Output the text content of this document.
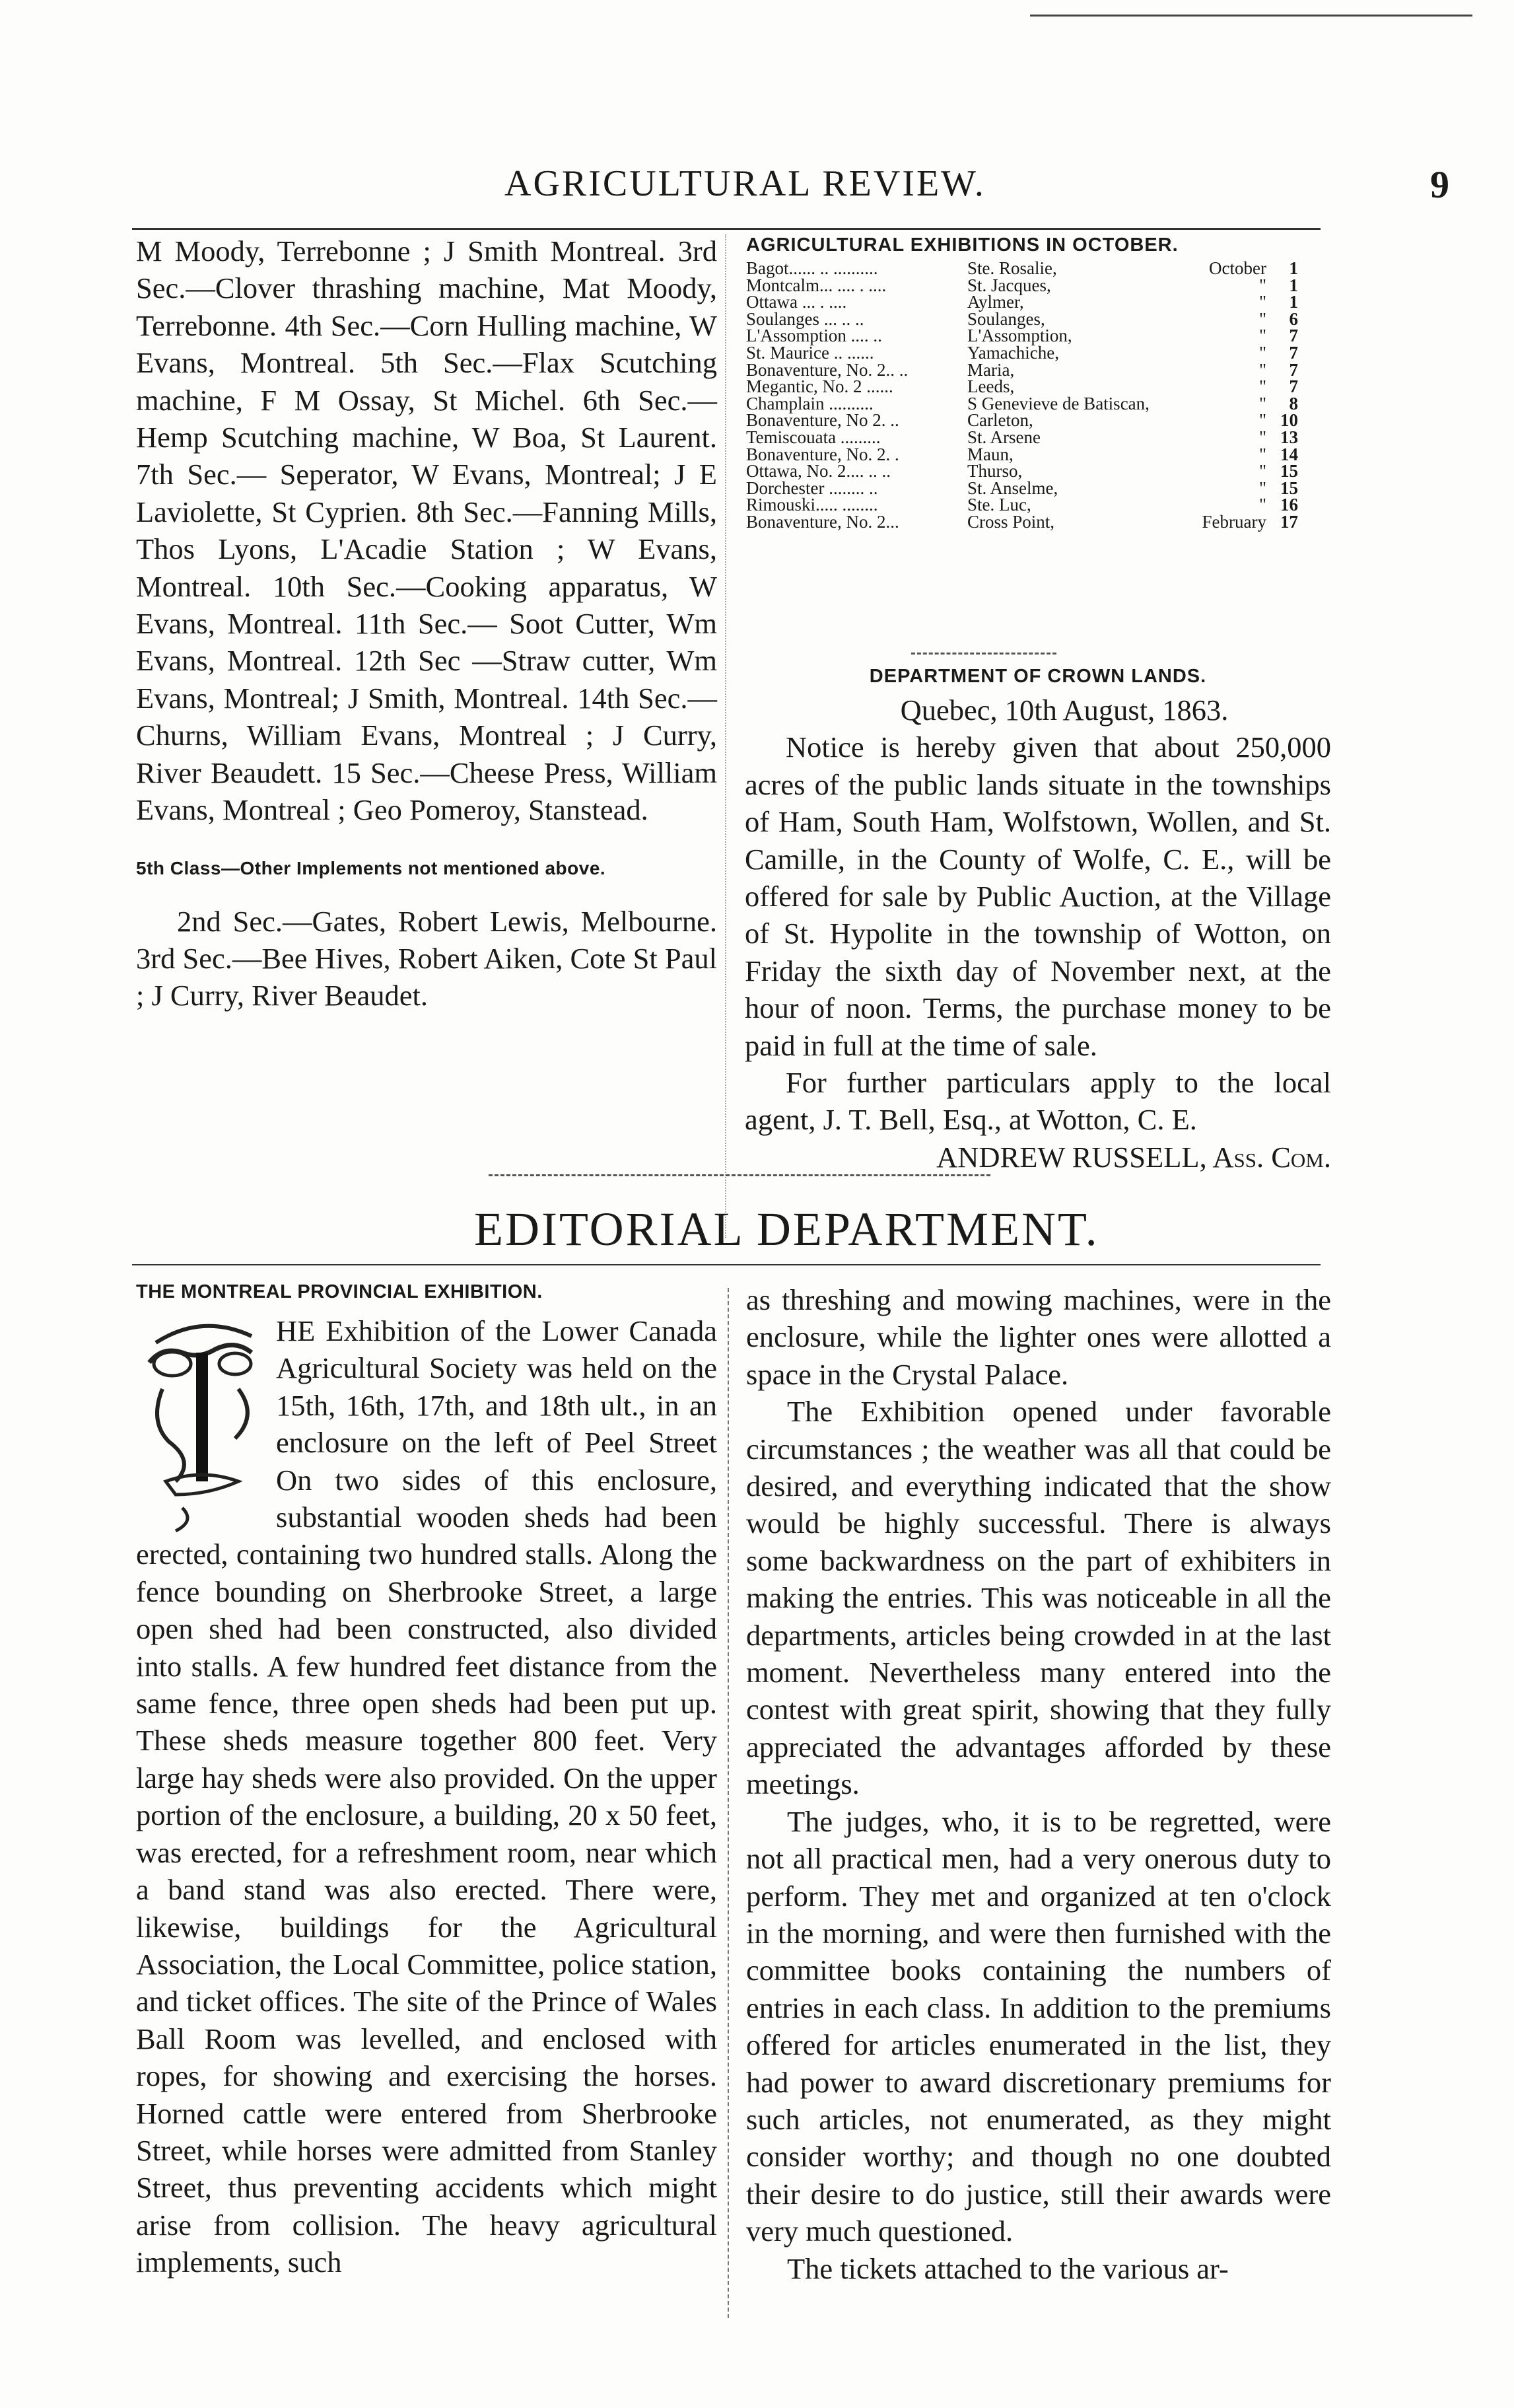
AGRICULTURAL REVIEW.	9

M Moody, Terrebonne ; J Smith Montreal. 3rd Sec.—Clover thrashing machine, Mat Moody, Terrebonne. 4th Sec.—Corn Hulling machine, W Evans, Montreal. 5th Sec.—Flax Scutching machine, F M Ossay, St Michel. 6th Sec.—Hemp Scutching machine, W Boa, St Laurent. 7th Sec.— Seperator, W Evans, Montreal; J E Laviolette, St Cyprien. 8th Sec.—Fanning Mills, Thos Lyons, L'Acadie Station ; W Evans, Montreal. 10th Sec.—Cooking apparatus, W Evans, Montreal. 11th Sec.— Soot Cutter, Wm Evans, Montreal. 12th Sec —Straw cutter, Wm Evans, Montreal; J Smith, Montreal. 14th Sec.—Churns, William Evans, Montreal ; J Curry, River Beaudett. 15 Sec.—Cheese Press, William Evans, Montreal ; Geo Pomeroy, Stanstead.

5th Class—Other Implements not mentioned above.

2nd Sec.—Gates, Robert Lewis, Melbourne. 3rd Sec.—Bee Hives, Robert Aiken, Cote St Paul ; J Curry, River Beaudet.

AGRICULTURAL EXHIBITIONS IN OCTOBER.
Bagot...... .. ..........	Ste. Rosalie,	October	1
Montcalm... .... . ....	St. Jacques,	"	1
Ottawa ... . ....	Aylmer,	"	1
Soulanges ... .. ..	Soulanges,	"	6
L'Assomption .... ..	L'Assomption,	"	7
St. Maurice .. ......	Yamachiche,	"	7
Bonaventure, No. 2.. ..	Maria,	"	7
Megantic, No. 2 ......	Leeds,	"	7
Champlain ..........	S Genevieve de Batiscan,	"	8
Bonaventure, No 2. ..	Carleton,	" 10
Temiscouata .........	St. Arsene	" 13
Bonaventure, No. 2. .	Maun,	" 14
Ottawa, No. 2.... .. ..	Thurso,	" 15
Dorchester ........ ..	St. Anselme,	" 15
Rimouski..... ........	Ste. Luc,	" 16
Bonaventure, No. 2...	Cross Point,	February 17
DEPARTMENT OF CROWN LANDS.
Quebec, 10th August, 1863.

Notice is hereby given that about 250,000 acres of the public lands situate in the townships of Ham, South Ham, Wolfstown, Wollen, and St. Camille, in the County of Wolfe, C. E., will be offered for sale by Public Auction, at the Village of St. Hypolite in the township of Wotton, on Friday the sixth day of November next, at the hour of noon. Terms, the purchase money to be paid in full at the time of sale.

For further particulars apply to the local agent, J. T. Bell, Esq., at Wotton, C. E.

ANDREW RUSSELL, Ass. Com.
EDITORIAL DEPARTMENT.
THE MONTREAL PROVINCIAL EXHIBITION.

HE Exhibition of the Lower Canada Agricultural Society was held on the 15th, 16th, 17th, and 18th ult., in an enclosure on the left of Peel Street On two sides of this enclosure, substantial wooden sheds had been erected, containing two hundred stalls. Along the fence bounding on Sherbrooke Street, a large open shed had been constructed, also divided into stalls. A few hundred feet distance from the same fence, three open sheds had been put up. These sheds measure together 800 feet. Very large hay sheds were also provided. On the upper portion of the enclosure, a building, 20 x 50 feet, was erected, for a refreshment room, near which a band stand was also erected. There were, likewise, buildings for the Agricultural Association, the Local Committee, police station, and ticket offices. The site of the Prince of Wales Ball Room was levelled, and enclosed with ropes, for showing and exercising the horses. Horned cattle were entered from Sherbrooke Street, while horses were admitted from Stanley Street, thus preventing accidents which might arise from collision. The heavy agricultural implements, such

as threshing and mowing machines, were in the enclosure, while the lighter ones were allotted a space in the Crystal Palace.

The Exhibition opened under favorable circumstances ; the weather was all that could be desired, and everything indicated that the show would be highly successful. There is always some backwardness on the part of exhibiters in making the entries. This was noticeable in all the departments, articles being crowded in at the last moment. Nevertheless many entered into the contest with great spirit, showing that they fully appreciated the advantages afforded by these meetings.

The judges, who, it is to be regretted, were not all practical men, had a very onerous duty to perform. They met and organized at ten o'clock in the morning, and were then furnished with the committee books containing the numbers of entries in each class. In addition to the premiums offered for articles enumerated in the list, they had power to award discretionary premiums for such articles, not enumerated, as they might consider worthy; and though no one doubted their desire to do justice, still their awards were very much questioned.

The tickets attached to the various ar-
